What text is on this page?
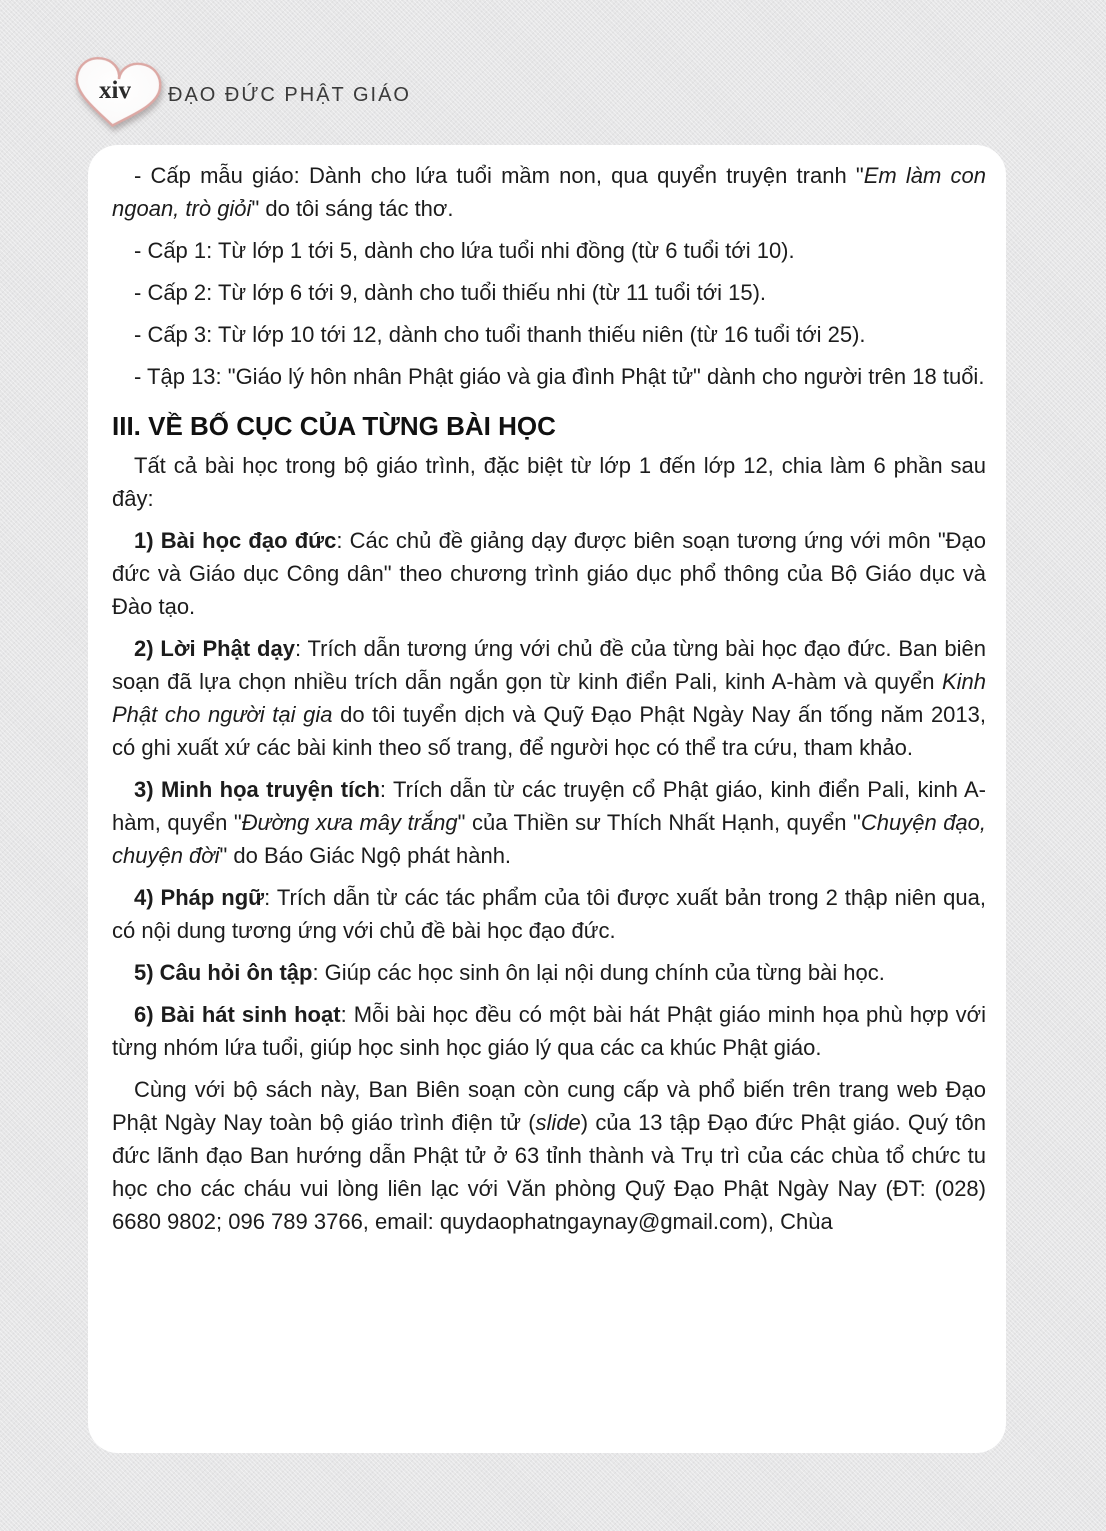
xiv ĐẠO ĐỨC PHẬT GIÁO

- Cấp mẫu giáo: Dành cho lứa tuổi mầm non, qua quyển truyện tranh "Em làm con ngoan, trò giỏi" do tôi sáng tác thơ.

- Cấp 1: Từ lớp 1 tới 5, dành cho lứa tuổi nhi đồng (từ 6 tuổi tới 10).

- Cấp 2: Từ lớp 6 tới 9, dành cho tuổi thiếu nhi (từ 11 tuổi tới 15).

- Cấp 3: Từ lớp 10 tới 12, dành cho tuổi thanh thiếu niên (từ 16 tuổi tới 25).

- Tập 13: "Giáo lý hôn nhân Phật giáo và gia đình Phật tử" dành cho người trên 18 tuổi.

III. VỀ BỐ CỤC CỦA TỪNG BÀI HỌC

Tất cả bài học trong bộ giáo trình, đặc biệt từ lớp 1 đến lớp 12, chia làm 6 phần sau đây:

1) Bài học đạo đức: Các chủ đề giảng dạy được biên soạn tương ứng với môn "Đạo đức và Giáo dục Công dân" theo chương trình giáo dục phổ thông của Bộ Giáo dục và Đào tạo.

2) Lời Phật dạy: Trích dẫn tương ứng với chủ đề của từng bài học đạo đức. Ban biên soạn đã lựa chọn nhiều trích dẫn ngắn gọn từ kinh điển Pali, kinh A-hàm và quyển Kinh Phật cho người tại gia do tôi tuyển dịch và Quỹ Đạo Phật Ngày Nay ấn tống năm 2013, có ghi xuất xứ các bài kinh theo số trang, để người học có thể tra cứu, tham khảo.

3) Minh họa truyện tích: Trích dẫn từ các truyện cổ Phật giáo, kinh điển Pali, kinh A-hàm, quyển "Đường xưa mây trắng" của Thiền sư Thích Nhất Hạnh, quyển "Chuyện đạo, chuyện đời" do Báo Giác Ngộ phát hành.

4) Pháp ngữ: Trích dẫn từ các tác phẩm của tôi được xuất bản trong 2 thập niên qua, có nội dung tương ứng với chủ đề bài học đạo đức.

5) Câu hỏi ôn tập: Giúp các học sinh ôn lại nội dung chính của từng bài học.

6) Bài hát sinh hoạt: Mỗi bài học đều có một bài hát Phật giáo minh họa phù hợp với từng nhóm lứa tuổi, giúp học sinh học giáo lý qua các ca khúc Phật giáo.

Cùng với bộ sách này, Ban Biên soạn còn cung cấp và phổ biến trên trang web Đạo Phật Ngày Nay toàn bộ giáo trình điện tử (slide) của 13 tập Đạo đức Phật giáo. Quý tôn đức lãnh đạo Ban hướng dẫn Phật tử ở 63 tỉnh thành và Trụ trì của các chùa tổ chức tu học cho các cháu vui lòng liên lạc với Văn phòng Quỹ Đạo Phật Ngày Nay (ĐT: (028) 6680 9802; 096 789 3766, email: quydaophatngaynay@gmail.com), Chùa
